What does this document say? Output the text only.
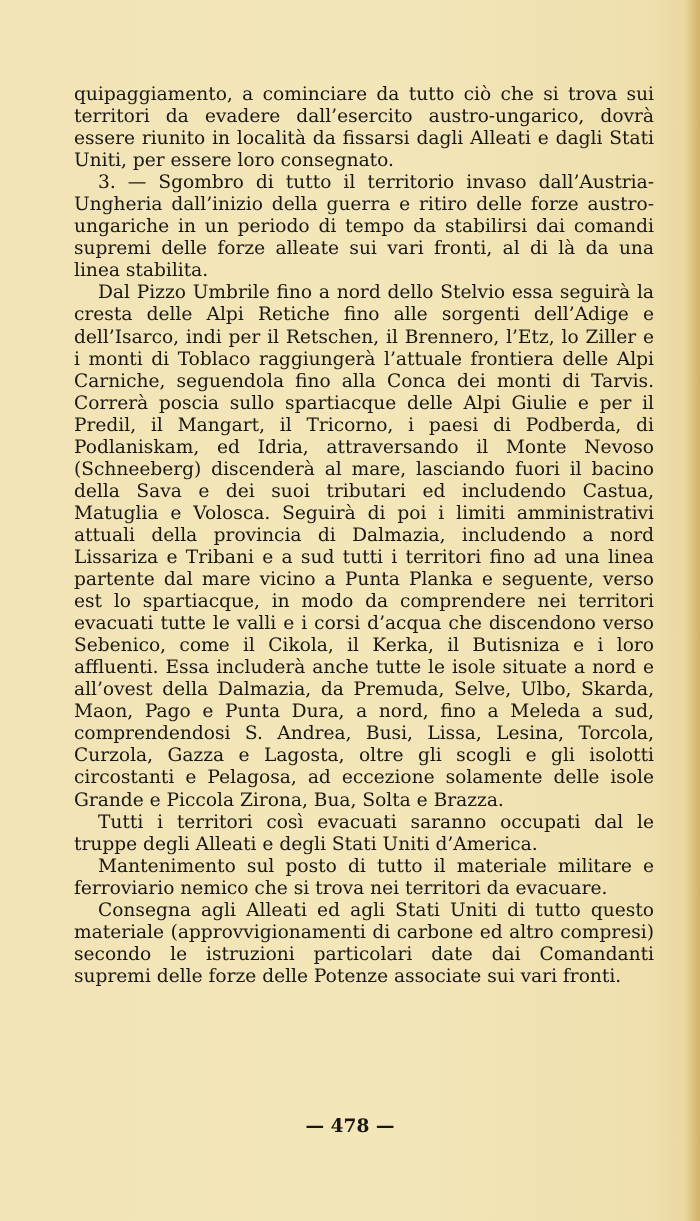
quipaggiamento, a cominciare da tutto ciò che si trova sui territori da evadere dall’esercito austro-ungarico, dovrà essere riunito in località da fissarsi dagli Alleati e dagli Stati Uniti, per essere loro consegnato.

3. — Sgombro di tutto il territorio invaso dall’Austria-Ungheria dall’inizio della guerra e ritiro delle forze austro-ungariche in un periodo di tempo da stabilirsi dai comandi supremi delle forze alleate sui vari fronti, al di là da una linea stabilita.

Dal Pizzo Umbrile fino a nord dello Stelvio essa seguirà la cresta delle Alpi Retiche fino alle sorgenti dell’Adige e dell’Isarco, indi per il Retschen, il Brennero, l’Etz, lo Ziller e i monti di Toblaco raggiungerà l’attuale frontiera delle Alpi Carniche, seguendola fino alla Conca dei monti di Tarvis. Correrà poscia sullo spartiacque delle Alpi Giulie e per il Predil, il Mangart, il Tricorno, i paesi di Podberda, di Podlaniskam, ed Idria, attraversando il Monte Nevoso (Schneeberg) discenderà al mare, lasciando fuori il bacino della Sava e dei suoi tributari ed includendo Castua, Matuglia e Volosca. Seguirà di poi i limiti amministrativi attuali della provincia di Dalmazia, includendo a nord Lissariza e Tribani e a sud tutti i territori fino ad una linea partente dal mare vicino a Punta Planka e seguente, verso est lo spartiacque, in modo da comprendere nei territori evacuati tutte le valli e i corsi d’acqua che discendono verso Sebenico, come il Cikola, il Kerka, il Butisniza e i loro affluenti. Essa includerà anche tutte le isole situate a nord e all’ovest della Dalmazia, da Premuda, Selve, Ulbo, Skarda, Maon, Pago e Punta Dura, a nord, fino a Meleda a sud, comprendendosi S. Andrea, Busi, Lissa, Lesina, Torcola, Curzola, Gazza e Lagosta, oltre gli scogli e gli isolotti circostanti e Pelagosa, ad eccezione solamente delle isole Grande e Piccola Zirona, Bua, Solta e Brazza.

Tutti i territori così evacuati saranno occupati dal le truppe degli Alleati e degli Stati Uniti d’America.

Mantenimento sul posto di tutto il materiale militare e ferroviario nemico che si trova nei territori da evacuare.

Consegna agli Alleati ed agli Stati Uniti di tutto questo materiale (approvvigionamenti di carbone ed altro compresi) secondo le istruzioni particolari date dai Comandanti supremi delle forze delle Potenze associate sui vari fronti.

— 478 —
